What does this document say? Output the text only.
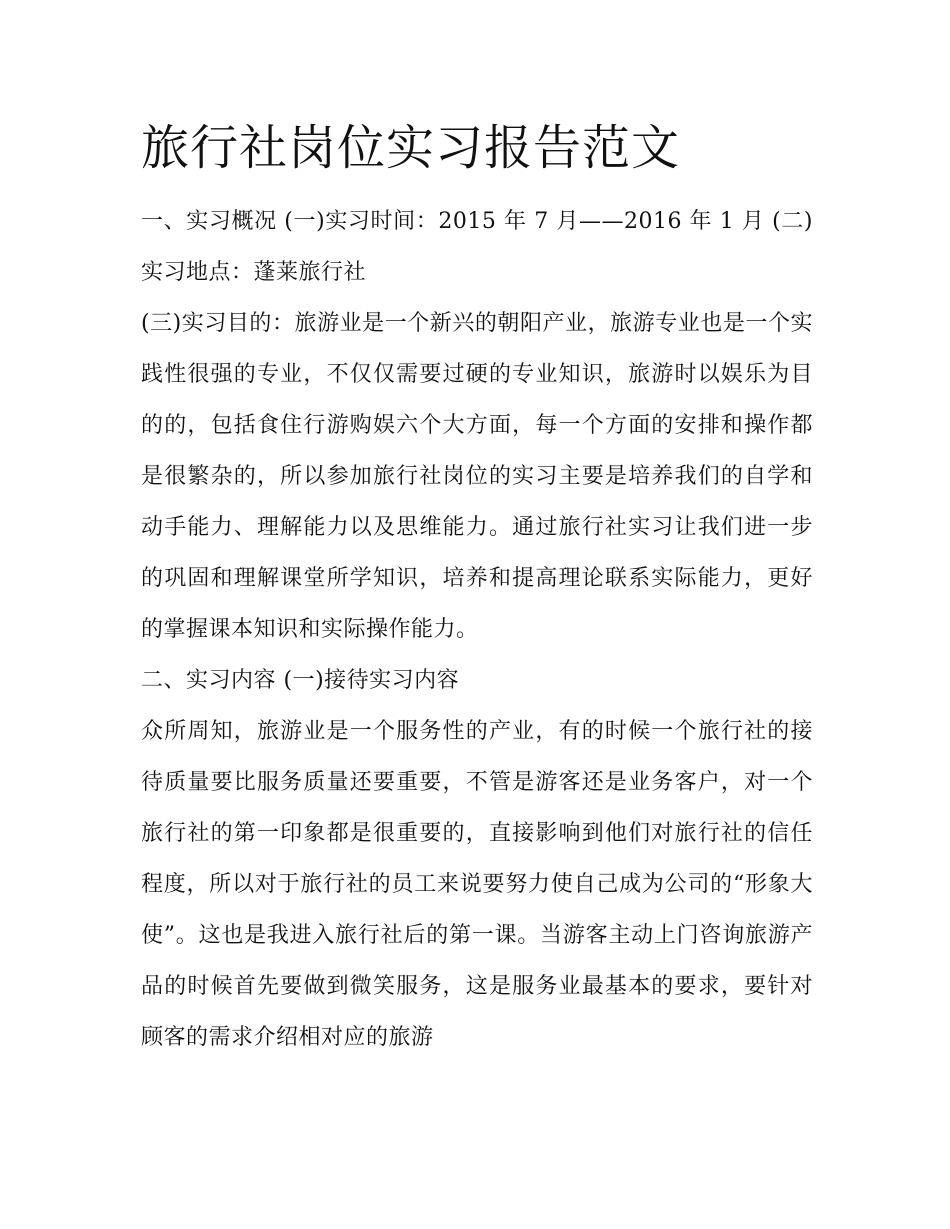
旅行社岗位实习报告范文

一、实习概况 (一)实习时间：2015 年 7 月——2016 年 1 月 (二)实习地点：蓬莱旅行社

(三)实习目的：旅游业是一个新兴的朝阳产业，旅游专业也是一个实践性很强的专业，不仅仅需要过硬的专业知识，旅游时以娱乐为目的的，包括食住行游购娱六个大方面，每一个方面的安排和操作都是很繁杂的，所以参加旅行社岗位的实习主要是培养我们的自学和动手能力、理解能力以及思维能力。通过旅行社实习让我们进一步的巩固和理解课堂所学知识，培养和提高理论联系实际能力，更好的掌握课本知识和实际操作能力。

二、实习内容 (一)接待实习内容

众所周知，旅游业是一个服务性的产业，有的时候一个旅行社的接待质量要比服务质量还要重要，不管是游客还是业务客户，对一个旅行社的第一印象都是很重要的，直接影响到他们对旅行社的信任程度，所以对于旅行社的员工来说要努力使自己成为公司的“形象大使”。这也是我进入旅行社后的第一课。当游客主动上门咨询旅游产品的时候首先要做到微笑服务，这是服务业最基本的要求，要针对顾客的需求介绍相对应的旅游
